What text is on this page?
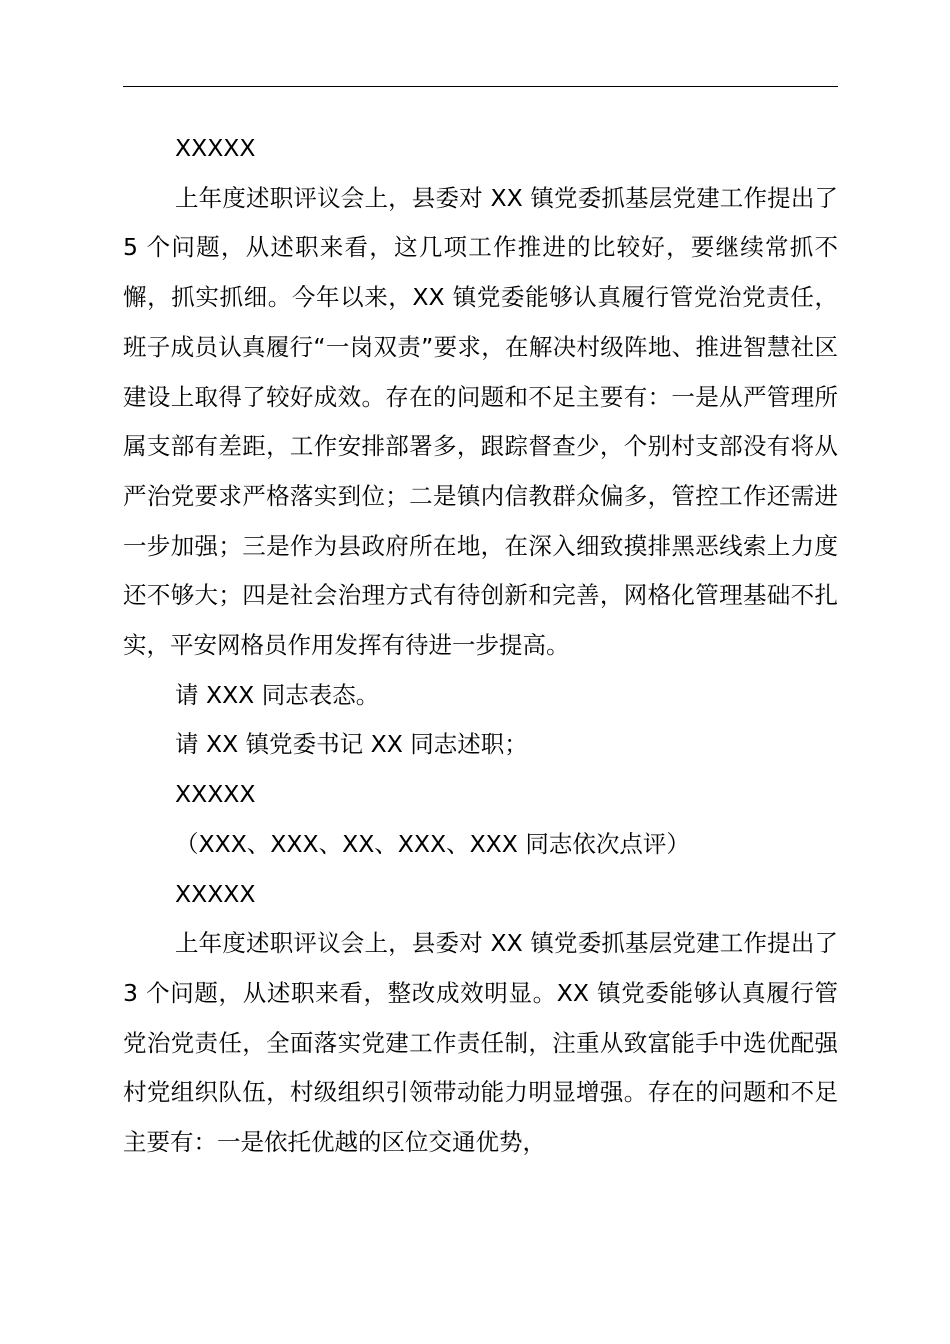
XXXXX

上年度述职评议会上，县委对 XX 镇党委抓基层党建工作提出了 5 个问题，从述职来看，这几项工作推进的比较好，要继续常抓不懈，抓实抓细。今年以来，XX 镇党委能够认真履行管党治党责任，班子成员认真履行“一岗双责”要求，在解决村级阵地、推进智慧社区建设上取得了较好成效。存在的问题和不足主要有：一是从严管理所属支部有差距，工作安排部署多，跟踪督查少，个别村支部没有将从严治党要求严格落实到位；二是镇内信教群众偏多，管控工作还需进一步加强；三是作为县政府所在地，在深入细致摸排黑恶线索上力度还不够大；四是社会治理方式有待创新和完善，网格化管理基础不扎实，平安网格员作用发挥有待进一步提高。

请 XXX 同志表态。

请 XX 镇党委书记 XX 同志述职；

XXXXX

（XXX、XXX、XX、XXX、XXX 同志依次点评）

XXXXX

上年度述职评议会上，县委对 XX 镇党委抓基层党建工作提出了 3 个问题，从述职来看，整改成效明显。XX 镇党委能够认真履行管党治党责任，全面落实党建工作责任制，注重从致富能手中选优配强村党组织队伍，村级组织引领带动能力明显增强。存在的问题和不足主要有：一是依托优越的区位交通优势，
